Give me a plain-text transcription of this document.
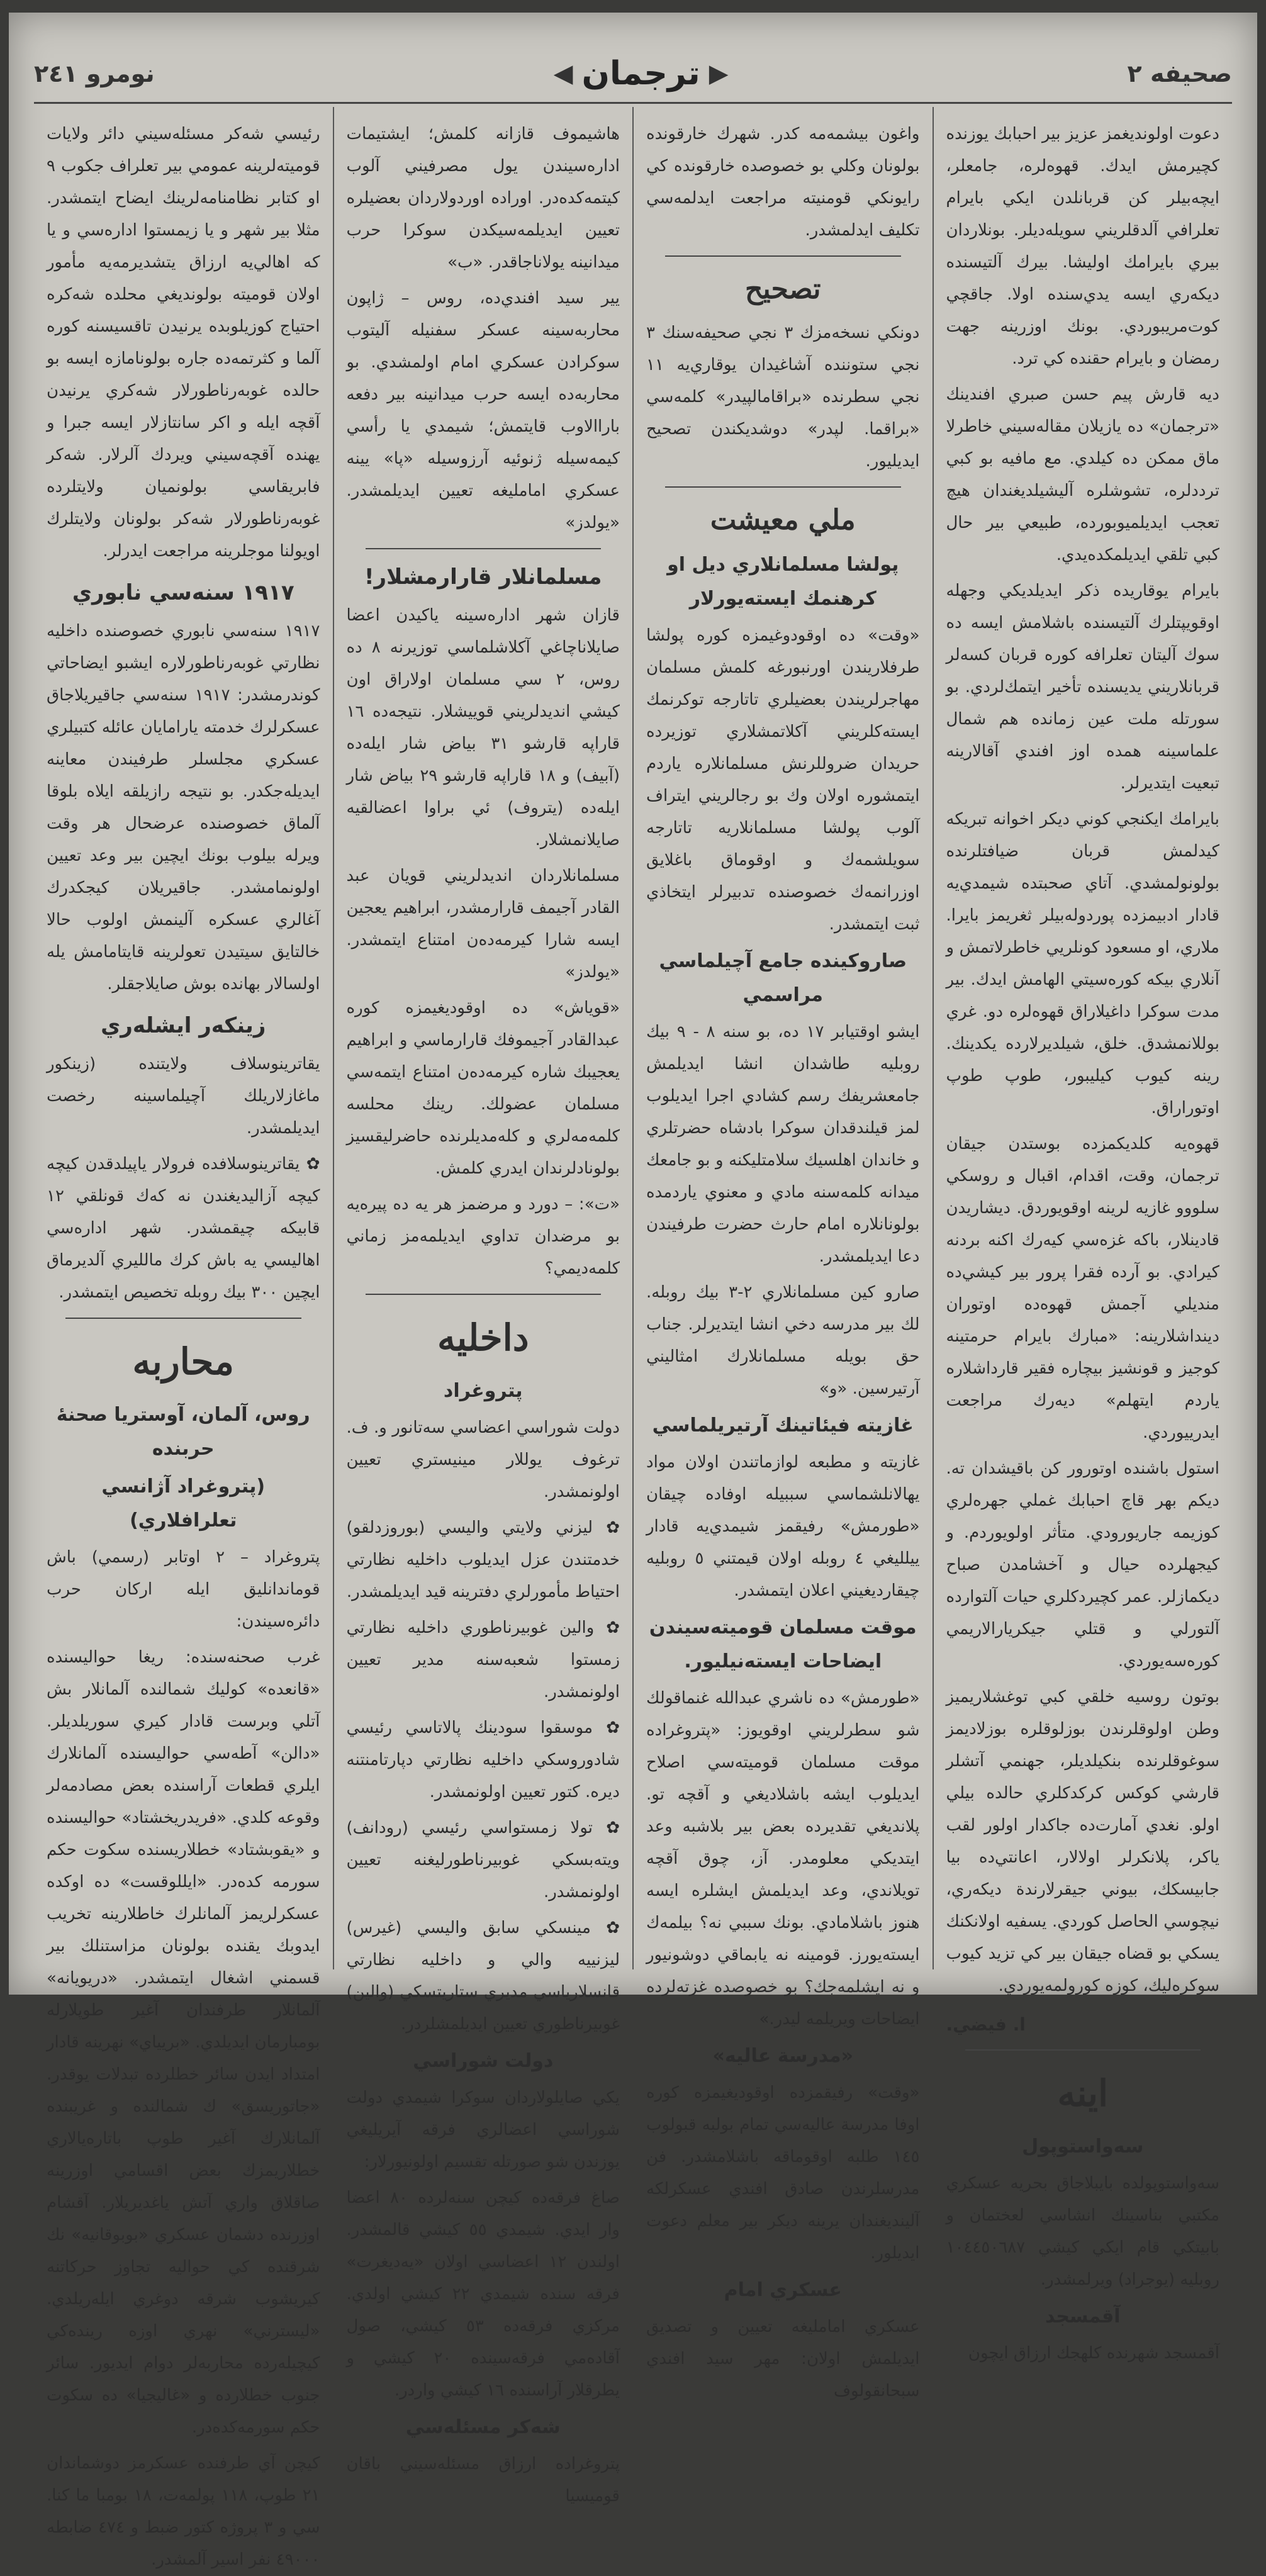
نومرو ٢٤١	◀ ترجمان ▶	صحيفه ٢

دعوت اولونديغمز عزيز بير احبابك يوزنده كچيرمش ايدك. قهوه‌لره، جامعلر، ايچه‌بيلر كن قربانلدن ايكي بايرام تعلرافي آلدقلريني سويله‌ديلر. بونلاردان بيري بايرامك اوليشا. بيرك آلتيسنده ديكه‌ري ايسه يدي‌سنده اولا. جاقچي كوت‌مريبوردي. بونك اوزرينه جهت رمضان و بايرام حقنده كي ترد.

ديه قارش پيم حسن صبري افندينك «ترجمان» ده يازيلان مقاله‌سيني خاطرلا ماق ممكن ده كيلدي. مع مافيه بو كبي ترددلره، تشوشلره آليشيلديغندان هيچ تعجب ايديلميوبورده، طبيعي بير حال كبي تلقي ايديلمكده‌يدي.

بايرام يوقاريده ذكر ايديلديكي وجهله اوقويپتلرك آلتيسنده باشلامش ايسه ده سوك آليتان تعلرافه كوره قربان كسه‌لر قربانلاريني يديسنده تأخير ايتمك‌لردي. بو سورتله ملت عين زمانده هم شمال علماسينه همده اوز افندي آقالارينه تبعيت ايتديرلر.

بايرامك ايكنجي كوني ديكر اخوانه تبريكه كيدلمش قربان ضيافتلرنده بولونولمشدي. آتاي صحبتده شيمدي‌يه قادار ادبيمزده پوردوله‌بيلر ثغريمز بايرا. ملاري، او مسعود كونلريي خاطرلاتمش و آنلاري بيكه كوره‌سيتي الهامش ايدك. بير مدت سوكرا داغيلاراق قهوه‌لره دو. غري بوللانمشدق. خلق، شيلديرلارده يكدينك. رينه كيوب كيليبور، طوپ طوپ اوتوراراق.

قهوه‌يه كلديكمزده بوستدن جيقان ترجمان، وقت، اقدام، اقبال و روسكي سلووو غازيه لرينه اوقويوردق. ديشاريدن قادينلار، باكه غزه‌سي كيه‌رك اكنه بردنه كيرادي. بو آرده فقرا پرور بير كيشي‌ده منديلي آجمش قهوه‌ده اوتوران دينداشلارينه: «مبارك بايرام حرمتينه كوجيز و قونشيز بيچاره فقير قارداشلاره ياردم ايتهلم» ديه‌رك مراجعت ايدرييوردي.

استول باشنده اوتورور كن باقيشدان ته. ديكم بهر قاچ احبابك غملي جهره‌لري كوزيمه جاريورودي. متأثر اولويوردم. و كيجهلرده حيال و آخشامدن صباح ديكمازلر. عمر كچيردكلري حيات آلتوارده آلتورلي و قتلي جيكر‌يارالاريمي كوره‌سه‌يوردي.

بوتون روسيه خلقي كبي توغشلاريميز وطن اولوقلرندن بوزلوقلره‌ بوزلاديمز سوغوقلرنده بنكيلديلر، جهنمي آتشلر قارشي كوكس كركدكلري حالده بيلي اولو. نغدي آمارت‌ده جاكدار اولور لقب ياكر، پلانكرلر اولالار، اعانتي‌ده بيا جابيسكك، بيوني جيقرلارندة ديكه‌ري، نيچوسي الحاصل كوردي. يسفيه اولانكنك يسكي بو قضاه جيقان بير كي تزيد كيوب سوكره‌ليك، كوزه كورولمه‌يوردي.

ا. فيضي.
اينه
سه‌واستوپول

سه‌واستوپولده بايبلاجاق بحريه عسكري مكتبي بناسينك انشاسي لعختمان و بابيتكي قام ايكي كيشي ١٠٤٤٥٠٦٨٧ روبليه (يوجراد) ويرلمشدر.

آقمسجد

آقمسجد شهرنده كلهجك ارزاق ايچون

واغون بيشمه‌مه كدر. شهرك خارقونده بولونان وكلي بو خصوصده خارقونده كي رايونكي قومنيته مراجعت ايدلمه‌سي تكليف ايدلمشدر.

تصحيح

دونكي نسخه‌مزك ٣ نجي صحيفه‌سنك ٣ نجي ستوننده آشاغيدان يوقاري‌يه ١١ نجي سطرنده «براقامالپيدر» كلمه‌سي «براقما. لپدر» دوشديكندن تصحيح ايديليور.

ملي معيشت
پولشا مسلمانلاري ديل او كرهنمك ايسته‌يورلار

«وقت» ده اوقودوغيمزه كوره پولشا طرفلاريندن اورنبورغه كلمش مسلمان مهاجرلريندن بعضيلري تاتارجه توكرنمك ايسته‌كلريني آكلاتمشلاري توزيرده حريدان ضروللرنش مسلمانلاره ياردم ايتمشوره اولان وك بو رجالريني ايتراف آلوب پولشا مسلمانلاريه تاتارجه سويلشمه‌ك و اوقوماق باغلايق اوزرانمه‌ك خصوصنده تدبيرلر ايتخاذي ثبت ايتمشدر.

صاروكينده جامع آچيلماسي مراسمي

ايشو اوقتيابر ١٧ ده، بو سنه ٨ - ٩ بيك روبليه طاشدان انشا ايديلمش جامعشريفك رسم كشادي اجرا ايديلوب لمز قيلندقدان سوكرا بادشاه حضرتلري و خاندان اهلسيك سلامتليكنه و بو جامعك ميدانه كلمه‌سنه مادي و معنوي ياردمده بولونانلاره امام حارث حضرت طرفيندن دعا ايديلمشدر.

صارو كين مسلمانلاري ٢-٣ بيك روبله. لك بير مدرسه دخي انشا ايتديرلر. جناب حق بويله مسلمانلارك امثاليني آرتيرسين. «و»

غازيته فيئاتينك آرتيريلماسي

غازيته و مطبعه لوازماتندن اولان مواد يهالانلشماسي سببيله اوفاده چيقان «طورمش» رفيقمز شيمدي‌يه قادار ييلليغي ٤ روبله اولان قيمتني ٥ روبليه چيقارديغيني اعلان ايتمشدر.

موقت مسلمان قوميته‌سيندن ايضاحات ايسته‌نيليور.

«طورمش» ده ناشري عبدالله غنماقولك شو سطرلريني اوقويوز: «پتروغراده موقت مسلمان قوميته‌سي اصلاح ايديلوب ايشه باشلاديغي و آقچه تو. پلانديغي تقديرده بعض بير بلاشبه وعد ايتديكي معلومدر. آز، چوق آقچه تويلاندي، وعد ايديلمش ايشلره ايسه هنوز باشلامادي. بونك سببي نه؟ بيلمه‌ك ايسته‌يورز. قومينه نه يابماقي دوشونيور و نه ايشلمه‌جك؟ بو خصوصده غزته‌لرده ايضاحات ويريلمه ليدر.»

«مدرسة عاليه»

«وقت» رفيقمزده اوقوديغيمزه كوره اوفا مدرسة عاليه‌سي تمام بولبه قبولوب ١٤٥ طلبه اوقوماقه باشلامشدر. فن مدرسلرندن صادق افندي عسكرلكه آلينديغندان يرينه ديكر بير معلم دعوت ايديلور.

عسكري امام

عسكري امامليغه تعيين و تصديق ايديلمش اولان: مهر سيد افندي سبحانقولوف

هاشيموف قازانه كلمش؛ ايشتيمات اداره‌سيندن يول مصرفيني آلوب كيتمه‌كده‌در. اوراده اوردولاردان بعضيلره تعيين ايديلمه‌سيكدن سوكرا حرب ميدانينه يولانا‌جاقدر. «ب»

يير سيد افندي‌ده، روس – ژاپون محاربه‌سينه عسكر سفنيله آليتوب سوكرادن عسكري امام اولمشدي. بو محاربه‌ده ايسه حرب ميدانينه بير دفعه باراالاوب قايتمش؛ شيمدي يا رأسي كيمه‌سيله ژنوئيه آرزوسيله «پا» يينه عسكري امامليغه تعيين ايديلمشدر. «يولدز»

مسلمانلار قارارمشلار!

قازان شهر اداره‌سينه ياكيدن اعضا صايلاناچاغي آكلاشلماسي توزيرنه ٨ ده روس، ٢ سي مسلمان اولاراق اون كيشي انديدلريني قوييشلار. نتيجه‌ده ١٦ قاراپه قارشو ٣١ بياض شار ايله‌ده (آبيف) و ١٨ قاراپه قارشو ٢٩ بياض شار ايله‌ده (يتروف) ئي براوا اعضالقيه صايلانمشلار.

مسلمانلاردان انديدلريني قويان عبد القادر آجيمف قارارمشدر، ابراهيم يعجين ايسه شارا كيرمه‌ده‌ن امتناع ايتمشدر. «يولدز»

«قوياش» ده اوقوديغيمزه كوره عبدالقادر آجيموفك قارارماسي و ابراهيم يعجيبك شاره كيرمه‌ده‌ن امتناع ايتمه‌سي مسلمان عضولك. رينك محلسه كلمه‌مه‌لري و كله‌مديلرنده حاضرليقسيز بولونادلرندان ايدري كلمش.

«ت»: – دورد و مرضمز هر يه ده پيره‌يه بو مرضدان تداوي ايديلمه‌مز زماني كلمه‌ديمي؟

داخليه
پتروغراد

دولت شوراسي اعضاسي سه‌تانور و. ف. ترغوف يوللار مينيستري تعيين اولونمشدر.

✿ ليزني ولايتي واليسي (بوروزدلقو) خدمتندن عزل ايديلوب داخليه نظارتي احتياط مأمورلري دفترينه قيد ايديلمشدر.

✿ والين غوبيرناطوري داخليه نظارتي زمستوا شعبه‌سنه مدير تعيين اولونمشدر.

✿ موسقوا سودينك پالاتاسي رئيسي شادوروسكي داخليه نظارتي دپارتامنتنه ديره. كتور تعيين اولونمشدر.

✿ تولا زمستواسي رئيسي (رودانف) ويته‌بسكي غوبيرناطورليغنه تعيين اولونمشدر.

✿ مينسكي سابق واليسي (غيرس) ليزنييه والي و داخليه نظارتي قانسلارياسي مديري ستاريتسكي (والين) غوبيرناطوري تعيين ايديلمشلردر.

دولت شوراسي

يكي صايلولاردان سوكرا شيمدي دولت شوراسي اعضالري فرقه آيريليغي يوزندن شو صورتله تقسيم اولونيورلار:

صاغ فرقه‌ده كيچن سنه‌لرده ٨٠ اعضا وار ايدي. شيمدي ٥٥ كيشي قالمشدر. اولندن ١٢ اعضاسي اولان «يه‌ديغرت» فرقه سنده شيمدي ٢٢ كيشي اولدي. مركزي فرقه‌ده ٥٣ كيشي، صول آقاده‌مي فرقه‌سينده ٢٠ كيشي و يطرقلار آراسنده ١٦ كيشي واردر.

شه‌كر مسئله‌سي

پتروغراده ارزاق مسئله‌سيني باقان قوميسيا

رئيسي شه‌كر مسئله‌سيني دائر ولايات قوميته‌لرينه عمومي بير تعلراف جكوب ٩ او كتابر نظامنامه‌لرينك ايضاح ايتمشدر. مثلا بير شهر و يا زيمستوا اداره‌سي و يا كه اهالي‌يه ارزاق يتشدير‌مه‌يه مأمور اولان قوميته بولونديغي محلده شه‌كره احتياج كوزيلوبده يرنيدن تاقسيسنه كوره آلما و كثرتمه‌ده جاره بولونامازه ايسه بو حالده غوبه‌رناطورلار شه‌كري يرنيدن آقچه ايله و اكر سانتازلار ايسه جبرا و يهنده آقچه‌سيني ويردك آلرلار. شه‌كر فابريقاسي بولونميان ولايتلرده غوبه‌رناطورلار شه‌كر بولونان ولايتلرك اويولنا موجلرينه مراجعت ايدرلر.

١٩١٧ سنه‌سي نابوري

١٩١٧ سنه‌سي نابوري خصوصنده داخليه نظارتي غوبه‌رناطورلاره ايشبو ايضاحاتي كوندرمشدر: ١٩١٧ سنه‌سي جاقيريلاجاق عسكرلرك خدمته يارامايان عائله كتبيلري عسكري مجلسلر طرفيندن معاينه ايديله‌جكدر. بو نتيجه رازيلقه ايلاه بلوقا آلماق خصوصنده عرضحال هر وقت ويرله بيلوب بونك ايچين بير وعد تعيين اولونمامشدر. جاقيريلان كيجكدرك آغالري عسكره آلينمش اولوب حالا خالتايق سيتيدن تعولرينه قايتامامش يله اولسالار بهانده بوش صايلاجقلر.

زينكه‌ر ايشله‌ري

يقاترينوسلاف ولايتنده (زينكور ماغازلاريلك آچيلماسينه رخصت ايديلمشدر.

✿ يقاترينوسلافده فرولار ياپيلدقدن كيچه كيچه آزاليديغندن نه كه‌ك قونلقي ١٢ قابيكه چيقمشدر. شهر اداره‌سي اهاليسي يه باش كرك مالليري آلديرماق ايچين ٣٠٠ بيك روبله تخصيص ايتمشدر.

محاربه
روس، آلمان، آوستريا صحنهٔ حربنده
(پتروغراد آژانسي تعلرافلاري)

پتروغراد – ٢ اوتابر (رسمي) باش قوماندانليق ايله اركان حرب دائره‌سيندن:

غرب صحنه‌سنده: ريغا حواليسنده «قانعده» كوليك شمالنده آلمانلار بش آتلي وبرست قادار كيري سوريلديلر. «دالن» آطه‌سي حواليسنده آلمانلارك ايلري قطعات آراسنده بعض مصادمه‌لر وقوعه كلدي. «فريدريخشتاد» حواليسنده و «يقوبشتاد» خطلاريسنده سكوت حكم سورمه كده‌در. «ايللوقست» ده اوكده عسكرلريمز آلمانلرك خاطلارينه تخريب ايدوبك يقنده بولونان مزاستنلك بير قسمني اشغال ايتمشدر. «دريويانه» آلمانلار طرفندان آغير طوپلارله بومبارمان ايديلدي. «بريياي» نهرينه قادار امتداد ايدن سائر خطلرده تبدلات يوقدر. «جاتوريسق» ك شمالنده و غريبنده آلمانلارك آغير طوپ باتاره‌يالاري خطلاريمزك بعض اقسامي اوزرينه صاقلاق واري آتش ياغديريلار. آقشام اوزرنده دشمان عسكري «بوبوقانيه» نك شرقنده كي حواليه تجاوز حركاتنه كيريشوب شرقه دوغري ايله‌ريلدي. «ليسترني» نهري اوزه رينده‌كي كيچيله‌رده محاربه‌لر دوام ايديور. سائر جنوب خطلارده و «غاليجيا» ده سكوت حكم سورمه‌كده‌در.

كيچن آي طرفنده عسكرمز دوشماندان ٢١ طوپ، ١١٨ پولمه‌ت، ١٨ بومبا ما كنا. سي و ٣ پروژه كتور ضبط و ٤٧٤ ضابطه ٤٩٠٠٠ نفر اسير آلمشدر.
